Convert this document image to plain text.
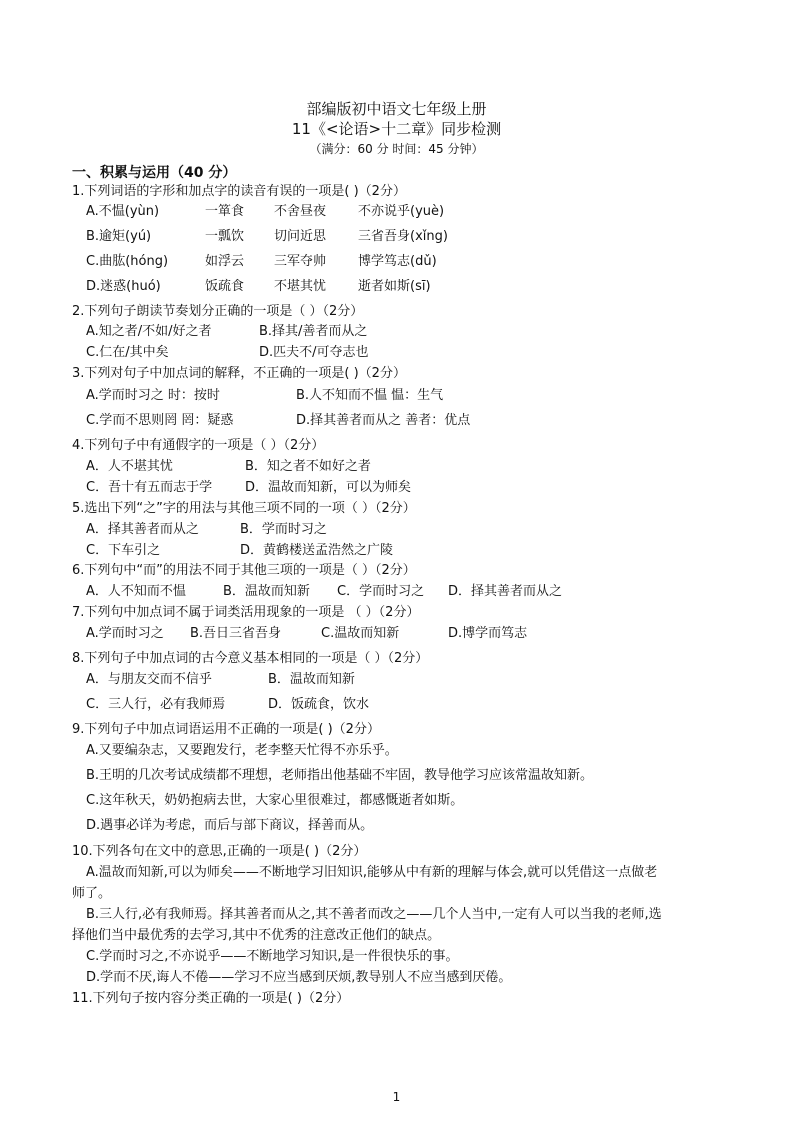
部编版初中语文七年级上册
11《<论语>十二章》同步检测
（满分：60 分 时间：45 分钟）
一、积累与运用（40 分）
1.下列词语的字形和加点字的读音有误的一项是( )（2分）
A.不愠(yùn)	一箪食 不舍昼夜 不亦说乎(yuè)
B.逾矩(yú)	一瓢饮 切问近思 三省吾身(xǐng)
C.曲肱(hóng)	如浮云 三军夺帅 博学笃志(dǔ)
D.迷惑(huó)	饭疏食 不堪其忧 逝者如斯(sī)
2.下列句子朗读节奏划分正确的一项是（ ）（2分）
A.知之者/不如/好之者	B.择其/善者而从之
C.仁在/其中矣	D.匹夫不/可夺志也
3.下列对句子中加点词的解释，不正确的一项是( )（2分）
A.学而时习之 时：按时	B.人不知而不愠 愠：生气
C.学而不思则罔 罔：疑惑	D.择其善者而从之 善者：优点
4.下列句子中有通假字的一项是（ ）（2分）
A．人不堪其忧	B．知之者不如好之者
C．吾十有五而志于学	D．温故而知新，可以为师矣
5.选出下列“之”字的用法与其他三项不同的一项（ ）（2分）
A．择其善者而从之	B．学而时习之
C．下车引之	D．黄鹤楼送孟浩然之广陵
6.下列句中“而”的用法不同于其他三项的一项是（ ）（2分）
A．人不知而不愠	B．温故而知新 C．学而时习之 D．择其善者而从之
7.下列句中加点词不属于词类活用现象的一项是 （ ）（2分）
A.学而时习之 B.吾日三省吾身	C.温故而知新	D.博学而笃志
8.下列句子中加点词的古今意义基本相同的一项是（ ）（2分）
A．与朋友交而不信乎	B．温故而知新
C．三人行，必有我师焉	D．饭疏食，饮水
9.下列句子中加点词语运用不正确的一项是( )（2分）
A.又要编杂志，又要跑发行，老李整天忙得不亦乐乎。
B.王明的几次考试成绩都不理想，老师指出他基础不牢固，教导他学习应该常温故知新。
C.这年秋天，奶奶抱病去世，大家心里很难过，都感慨逝者如斯。
D.遇事必详为考虑，而后与部下商议，择善而从。
10.下列各句在文中的意思,正确的一项是( )（2分）
A.温故而知新,可以为师矣——不断地学习旧知识,能够从中有新的理解与体会,就可以凭借这一点做老
师了。
B.三人行,必有我师焉。择其善者而从之,其不善者而改之——几个人当中,一定有人可以当我的老师,选
择他们当中最优秀的去学习,其中不优秀的注意改正他们的缺点。
C.学而时习之,不亦说乎——不断地学习知识,是一件很快乐的事。
D.学而不厌,诲人不倦——学习不应当感到厌烦,教导别人不应当感到厌倦。
11.下列句子按内容分类正确的一项是( )（2分）
1
